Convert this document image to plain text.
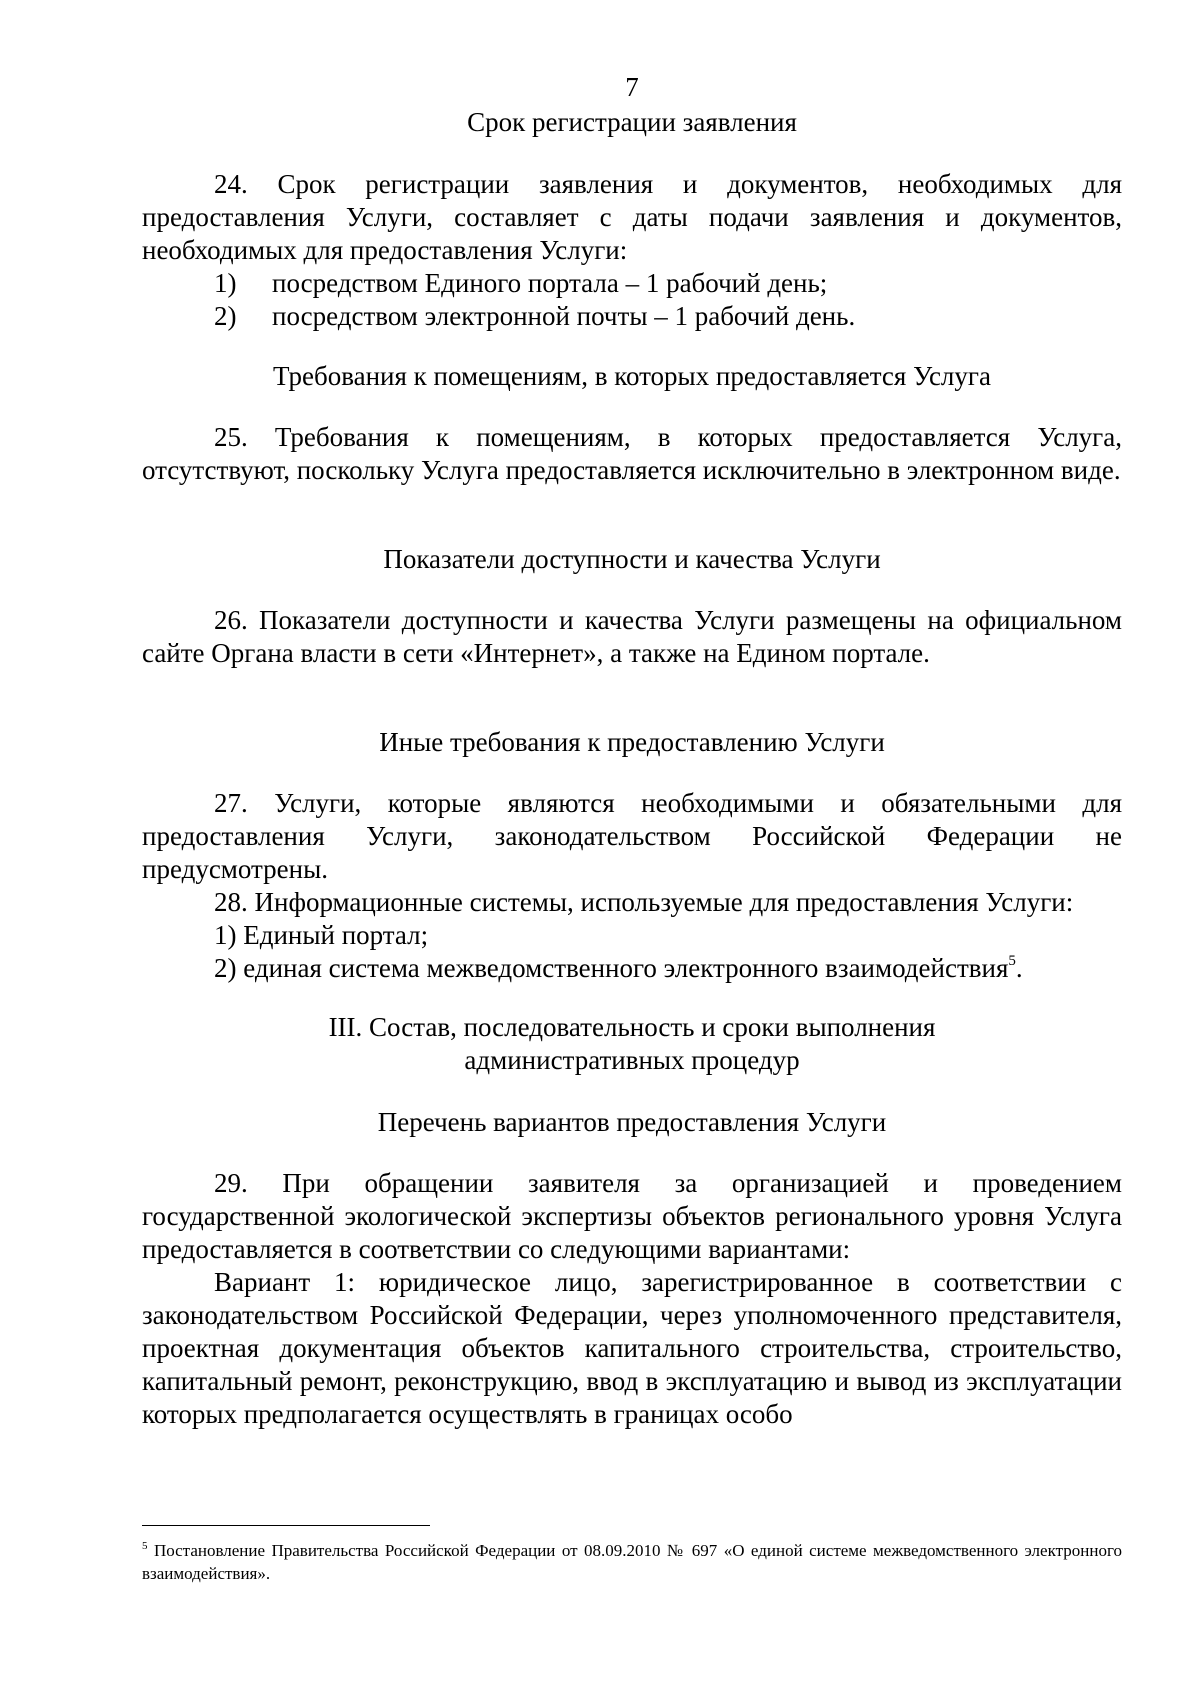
7
Срок регистрации заявления
24. Срок регистрации заявления и документов, необходимых для предоставления Услуги, составляет с даты подачи заявления и документов, необходимых для предоставления Услуги:
1) посредством Единого портала – 1 рабочий день;
2) посредством электронной почты – 1 рабочий день.
Требования к помещениям, в которых предоставляется Услуга
25. Требования к помещениям, в которых предоставляется Услуга, отсутствуют, поскольку Услуга предоставляется исключительно в электронном виде.
Показатели доступности и качества Услуги
26. Показатели доступности и качества Услуги размещены на официальном сайте Органа власти в сети «Интернет», а также на Едином портале.
Иные требования к предоставлению Услуги
27. Услуги, которые являются необходимыми и обязательными для предоставления Услуги, законодательством Российской Федерации не предусмотрены.
28. Информационные системы, используемые для предоставления Услуги:
1) Единый портал;
2) единая система межведомственного электронного взаимодействия$^5$.
III. Состав, последовательность и сроки выполнения
административных процедур
Перечень вариантов предоставления Услуги
29. При обращении заявителя за организацией и проведением государственной экологической экспертизы объектов регионального уровня Услуга предоставляется в соответствии со следующими вариантами:
Вариант 1: юридическое лицо, зарегистрированное в соответствии с законодательством Российской Федерации, через уполномоченного представителя, проектная документация объектов капитального строительства, строительство, капитальный ремонт, реконструкцию, ввод в эксплуатацию и вывод из эксплуатации которых предполагается осуществлять в границах особо
$^5$ Постановление Правительства Российской Федерации от 08.09.2010 № 697 «О единой системе межведомственного электронного взаимодействия».
